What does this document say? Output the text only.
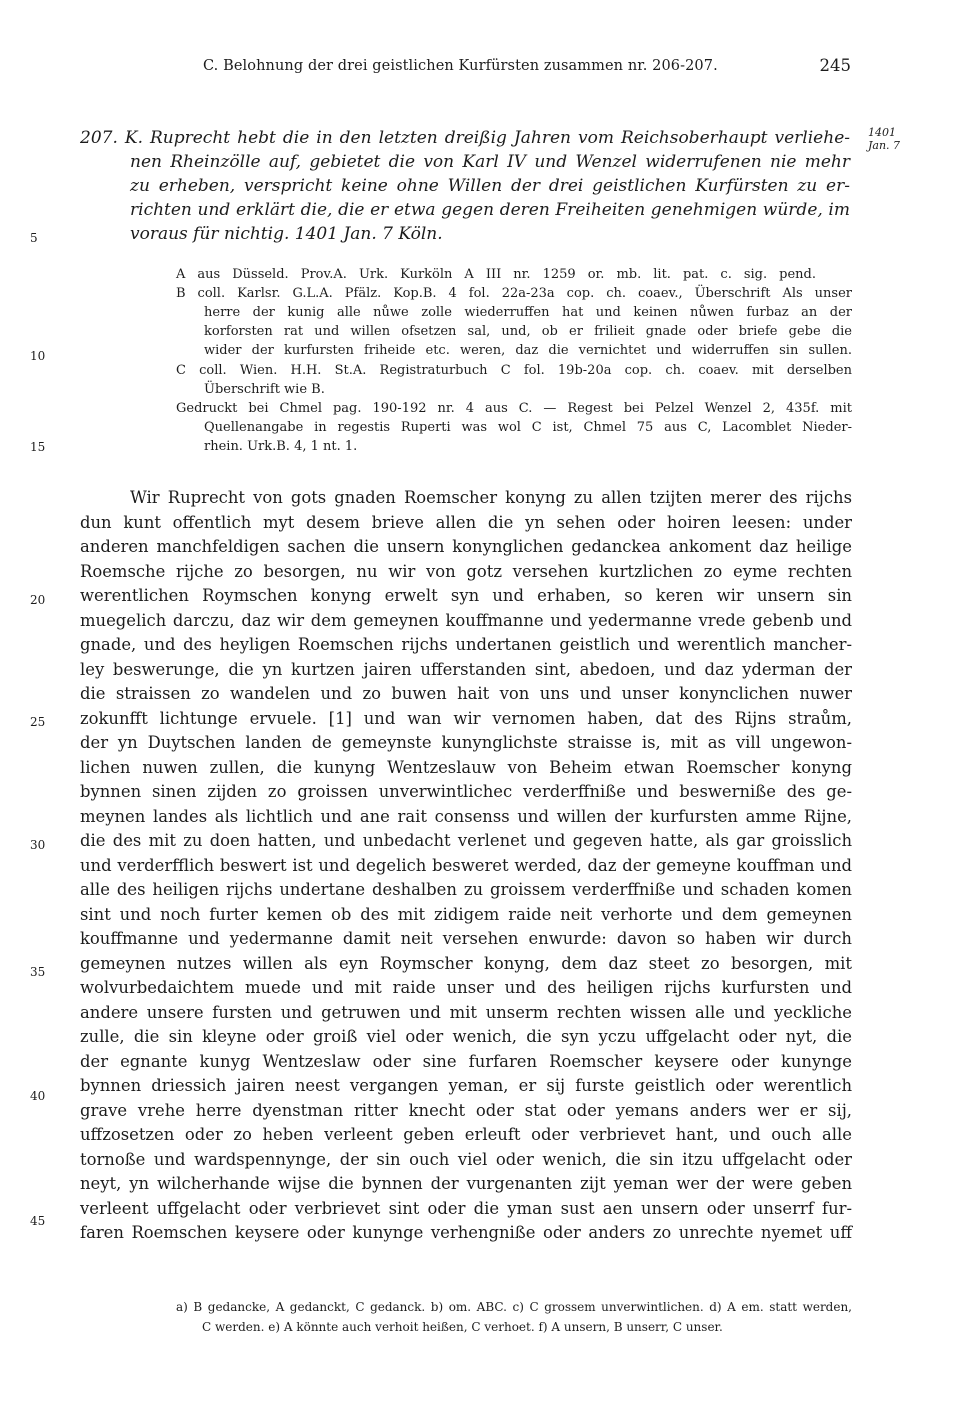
C. Belohnung der drei geistlichen Kurfürsten zusammen nr. 206-207.	245
1401
Jan. 7
5
10
15
20
25
30
35
40
45
207. K. Ruprecht hebt die in den letzten dreißig Jahren vom Reichsoberhaupt verliehe-
nen Rheinzölle auf, gebietet die von Karl IV und Wenzel widerrufenen nie mehr
zu erheben, verspricht keine ohne Willen der drei geistlichen Kurfürsten zu er-
richten und erklärt die, die er etwa gegen deren Freiheiten genehmigen würde, im
voraus für nichtig. 1401 Jan. 7 Köln.
A aus Düsseld. Prov.A. Urk. Kurköln A III nr. 1259 or. mb. lit. pat. c. sig. pend.
B coll. Karlsr. G.L.A. Pfälz. Kop.B. 4 fol. 22a-23a cop. ch. coaev., Überschrift Als unser
herre der kunig alle nůwe zolle wiederruffen hat und keinen nůwen furbaz an der
korforsten rat und willen ofsetzen sal, und, ob er frilieit gnade oder briefe gebe die
wider der kurfursten friheide etc. weren, daz die vernichtet und widerruffen sin sullen.
C coll. Wien. H.H. St.A. Registraturbuch C fol. 19b-20a cop. ch. coaev. mit derselben
Überschrift wie B.
Gedruckt bei Chmel pag. 190-192 nr. 4 aus C. — Regest bei Pelzel Wenzel 2, 435f. mit
Quellenangabe in regestis Ruperti was wol C ist, Chmel 75 aus C, Lacomblet Nieder-
rhein. Urk.B. 4, 1 nt. 1.
Wir Ruprecht von gots gnaden Roemscher konyng zu allen tzijten merer des rijchs
dun kunt offentlich myt desem brieve allen die yn sehen oder hoiren leesen: under
anderen manchfeldigen sachen die unsern konynglichen gedanckea ankoment daz heilige
Roemsche rijche zo besorgen, nu wir von gotz versehen kurtzlichen zo eyme rechten
werentlichen Roymschen konyng erwelt syn und erhaben, so keren wir unsern sin
muegelich darczu, daz wir dem gemeynen kouffmanne und yedermanne vrede gebenb und
gnade, und des heyligen Roemschen rijchs undertanen geistlich und werentlich mancher-
ley beswerunge, die yn kurtzen jairen ufferstanden sint, abedoen, und daz yderman der
die straissen zo wandelen und zo buwen hait von uns und unser konynclichen nuwer
zokunfft lichtunge ervuele. [1] und wan wir vernomen haben, dat des Rijns straům,
der yn Duytschen landen de gemeynste kunynglichste straisse is, mit as vill ungewon-
lichen nuwen zullen, die kunyng Wentzeslauw von Beheim etwan Roemscher konyng
bynnen sinen zijden zo groissen unverwintlichec verderffnißе und beswernißе des ge-
meynen landes als lichtlich und ane rait consenss und willen der kurfursten amme Rijne,
die des mit zu doen hatten, und unbedacht verlenet und gegeven hatte, als gar groisslich
und verderfflich beswert ist und degelich besweret werded, daz der gemeyne kouffman und
alle des heiligen rijchs undertane deshalben zu groissem verderffnißе und schaden komen
sint und noch furter kemen ob des mit zidigem raide neit verhorte und dem gemeynen
kouffmanne und yedermanne damit neit versehen enwurde: davon so haben wir durch
gemeynen nutzes willen als eyn Roymscher konyng, dem daz steet zo besorgen, mit
wolvurbedaichtem muede und mit raide unser und des heiligen rijchs kurfursten und
andere unsere fursten und getruwen und mit unserm rechten wissen alle und yeckliche
zulle, die sin kleyne oder groiß viel oder wenich, die syn yczu uffgelacht oder nyt, die
der egnante kunyg Wentzeslaw oder sine furfaren Roemscher keysere oder kunynge
bynnen driessich jairen neest vergangen yeman, er sij furste geistlich oder werentlich
grave vrehe herre dyenstman ritter knecht oder stat oder yemans anders wer er sij,
uffzosetzen oder zo heben verleent geben erleuft oder verbrievet hant, und ouch alle
tornoße und wardspennynge, der sin ouch viel oder wenich, die sin itzu uffgelacht oder
neyt, yn wilcherhande wijse die bynnen der vurgenanten zijt yeman wer der were geben
verleent uffgelacht oder verbrievet sint oder die yman sust aen unsern oder unserrf fur-
faren Roemschen keysere oder kunynge verhengnißе oder anders zo unrechte nyemet uff
a) B gedancke, A gedanckt, C gedanck. b) om. ABC. c) C grossem unverwintlichen. d) A em. statt werden,
C werden. e) A könnte auch verhoit heißen, C verhoet. f) A unsern, B unserr, C unser.
